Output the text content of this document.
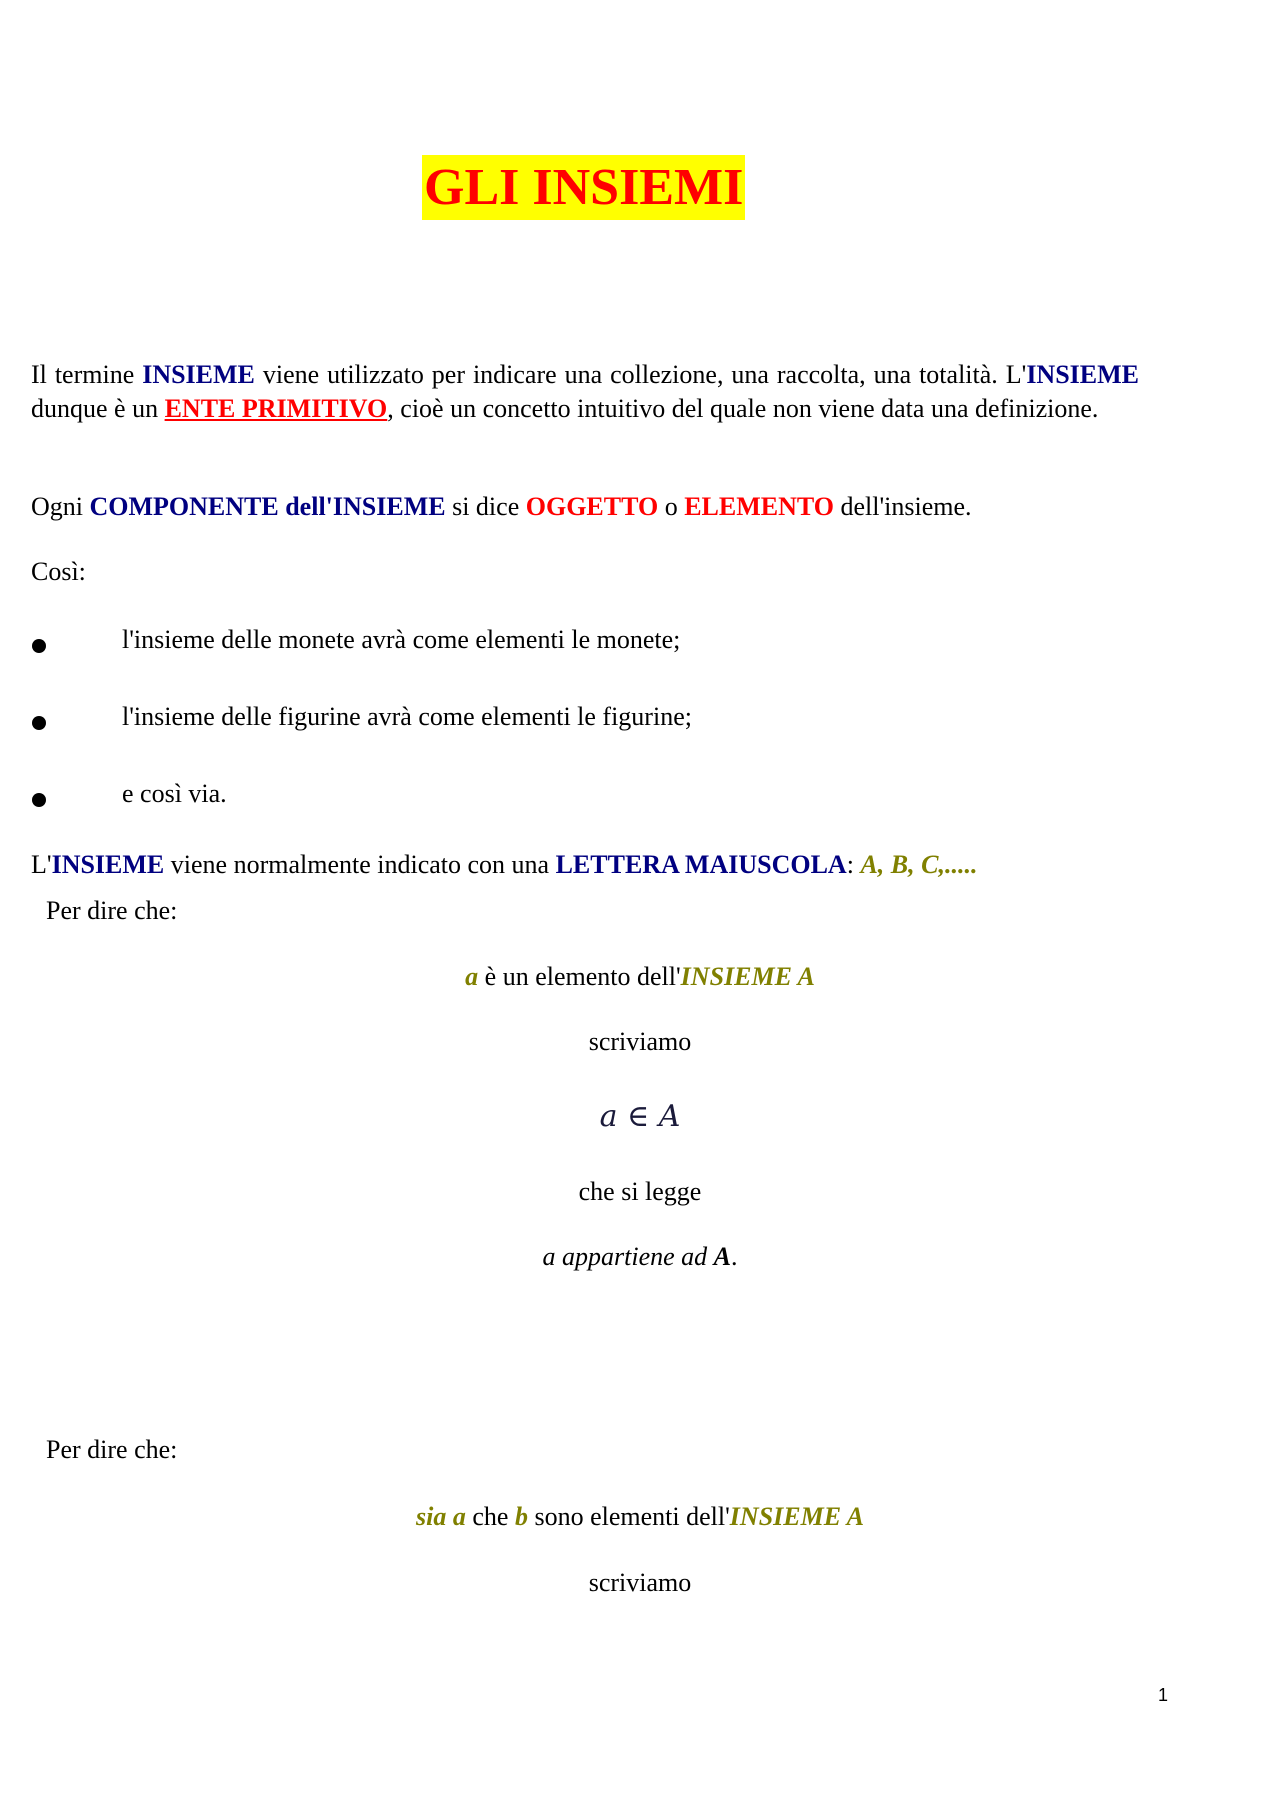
GLI INSIEMI
Il termine INSIEME viene utilizzato per indicare una collezione, una raccolta, una totalità. L'INSIEME dunque è un ENTE PRIMITIVO, cioè un concetto intuitivo del quale non viene data una definizione.
Ogni COMPONENTE dell'INSIEME si dice OGGETTO o ELEMENTO dell'insieme.
Così:
l'insieme delle monete avrà come elementi le monete;
l'insieme delle figurine avrà come elementi le figurine;
e così via.
L'INSIEME viene normalmente indicato con una LETTERA MAIUSCOLA: A, B, C,.....
Per dire che:
a è un elemento dell'INSIEME A
scriviamo
a ∈ A
che si legge
a appartiene ad A.
Per dire che:
sia a che b sono elementi dell'INSIEME A
scriviamo
1
